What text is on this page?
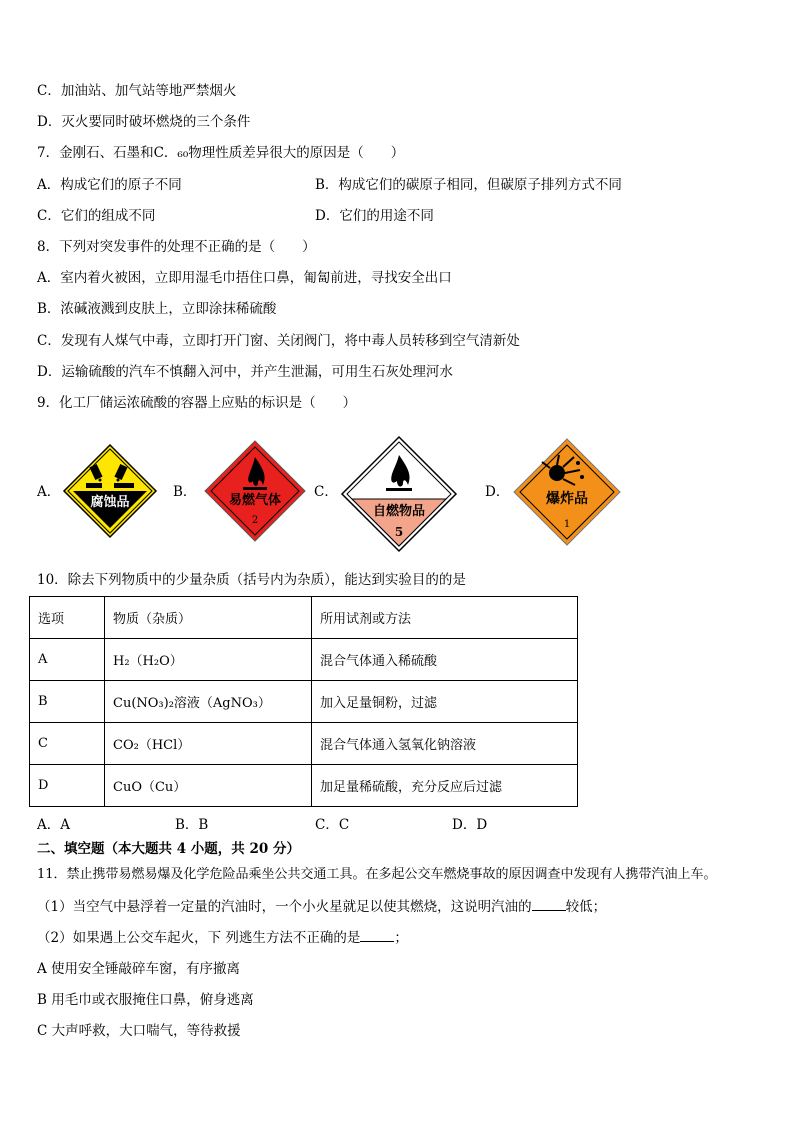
C．加油站、加气站等地严禁烟火
D．灭火要同时破坏燃烧的三个条件
7．金刚石、石墨和C．₆₀物理性质差异很大的原因是（　　）
A．构成它们的原子不同	B．构成它们的碳原子相同，但碳原子排列方式不同
C．它们的组成不同	D．它们的用途不同
8．下列对突发事件的处理不正确的是（　　）
A．室内着火被困，立即用湿毛巾捂住口鼻，匍匐前进，寻找安全出口
B．浓碱液溅到皮肤上，立即涂抹稀硫酸
C．发现有人煤气中毒，立即打开门窗、关闭阀门，将中毒人员转移到空气清新处
D．运输硫酸的汽车不慎翻入河中，并产生泄漏，可用生石灰处理河水
9．化工厂储运浓硫酸的容器上应贴的标识是（　　）
A．
腐蚀品
B．
易燃气体
2
C．
自燃物品
5
D．	爆炸品
1
10．除去下列物质中的少量杂质（括号内为杂质），能达到实验目的的是
选项	物质（杂质）	所用试剂或方法
A	H₂（H₂O）	混合气体通入稀硫酸
B	Cu(NO₃)₂溶液（AgNO₃）	加入足量铜粉，过滤
C	CO₂（HCl）	混合气体通入氢氧化钠溶液
D	CuO（Cu）	加足量稀硫酸，充分反应后过滤
A．A	B．B	C．C	D．D
二、填空题（本大题共 4 小题，共 20 分）
11．禁止携带易燃易爆及化学危险品乘坐公共交通工具。在多起公交车燃烧事故的原因调查中发现有人携带汽油上车。
（1）当空气中悬浮着一定量的汽油时，一个小火星就足以使其燃烧，这说明汽油的	较低；
（2）如果遇上公交车起火，下 列逃生方法不正确的是	；
A 使用安全锤敲碎车窗，有序撤离
B 用毛巾或衣服掩住口鼻，俯身逃离
C 大声呼救，大口喘气，等待救援
